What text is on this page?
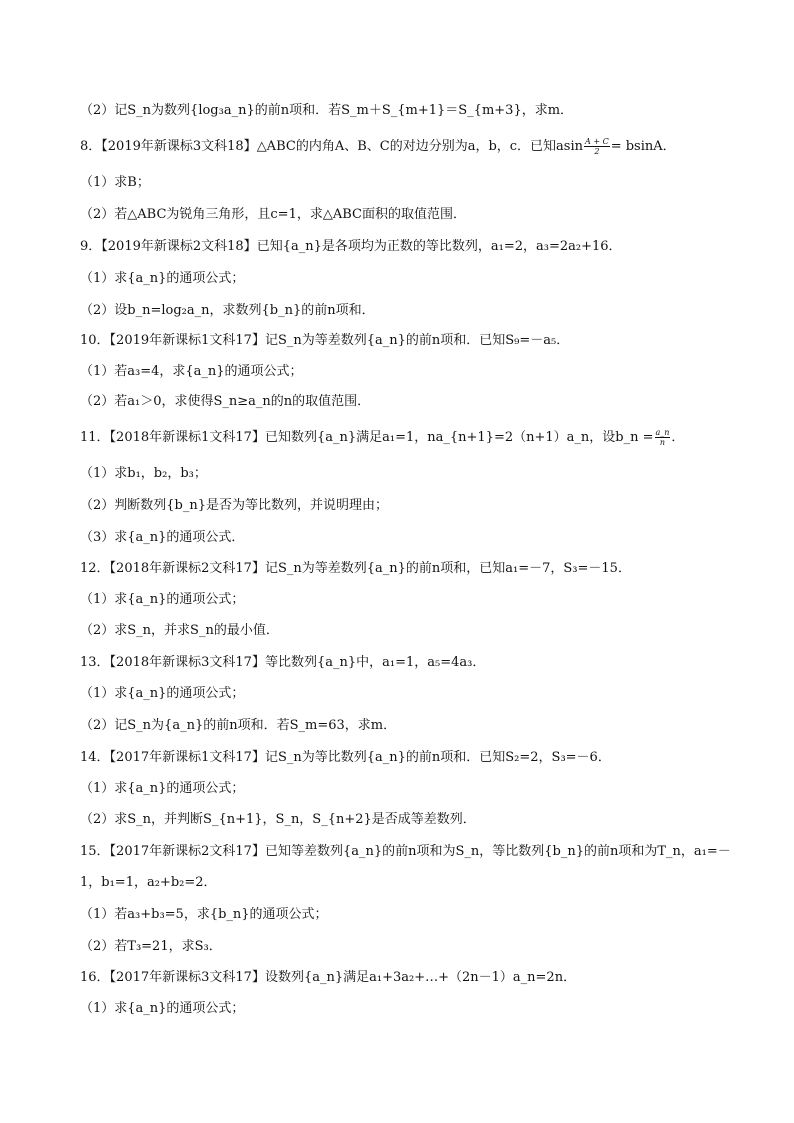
（2）记S_n为数列{log₃a_n}的前n项和．若S_m＋S_{m+1}＝S_{m+3}，求m．
8．【2019年新课标3文科18】△ABC的内角A、B、C的对边分别为a，b，c．已知asin $\frac{A + C}{2} = bsinA$．
（1）求B；
（2）若△ABC为锐角三角形，且c=1，求△ABC面积的取值范围．
9．【2019年新课标2文科18】已知{a_n}是各项均为正数的等比数列，a₁=2，a₃=2a₂+16．
（1）求{a_n}的通项公式；
（2）设b_n=log₂a_n，求数列{b_n}的前n项和．
10．【2019年新课标1文科17】记S_n为等差数列{a_n}的前n项和．已知S₉=－a₅．
（1）若a₃=4，求{a_n}的通项公式；
（2）若a₁＞0，求使得S_n≥a_n的n的取值范围．
11．【2018年新课标1文科17】已知数列{a_n}满足a₁=1，na_{n+1}=2（n+1）a_n，设b_n = $\frac{a\_n}{n}$ ．
（1）求b₁，b₂，b₃；
（2）判断数列{b_n}是否为等比数列，并说明理由；
（3）求{a_n}的通项公式．
12．【2018年新课标2文科17】记S_n为等差数列{a_n}的前n项和，已知a₁=－7，S₃=－15．
（1）求{a_n}的通项公式；
（2）求S_n，并求S_n的最小值．
13．【2018年新课标3文科17】等比数列{a_n}中，a₁=1，a₅=4a₃．
（1）求{a_n}的通项公式；
（2）记S_n为{a_n}的前n项和．若S_m=63，求m．
14．【2017年新课标1文科17】记S_n为等比数列{a_n}的前n项和．已知S₂=2，S₃=－6．
（1）求{a_n}的通项公式；
（2）求S_n，并判断S_{n+1}，S_n，S_{n+2}是否成等差数列．
15．【2017年新课标2文科17】已知等差数列{a_n}的前n项和为S_n，等比数列{b_n}的前n项和为T_n，a₁=－
1，b₁=1，a₂+b₂=2．
（1）若a₃+b₃=5，求{b_n}的通项公式；
（2）若T₃=21，求S₃．
16．【2017年新课标3文科17】设数列{a_n}满足a₁+3a₂+…+（2n－1）a_n=2n．
（1）求{a_n}的通项公式；
